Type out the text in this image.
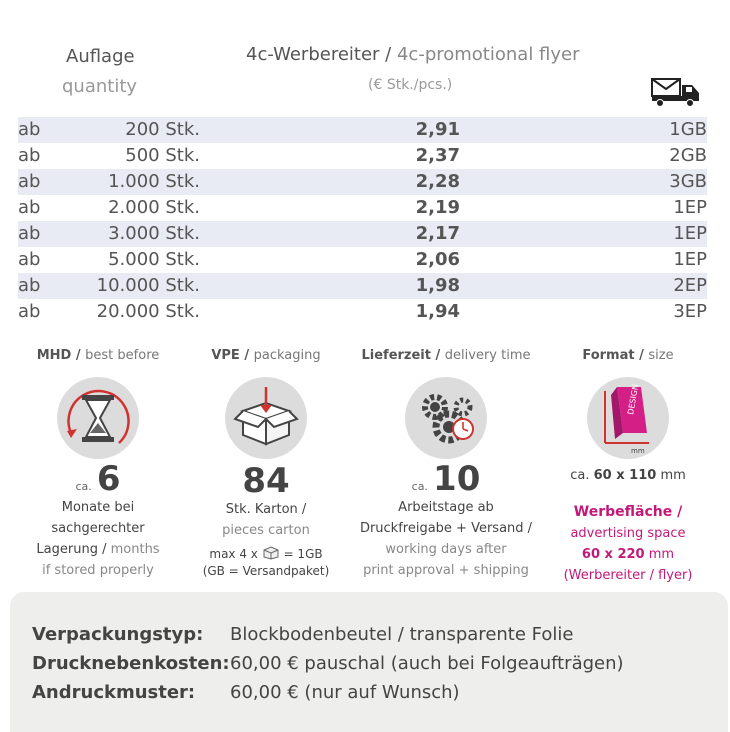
Auflage
quantity
4c-Werbereiter / 4c-promotional flyer
(€ Stk./pcs.)
ab	200 Stk.	2,91	1GB
ab	500 Stk.	2,37	2GB
ab	1.000 Stk.	2,28	3GB
ab	2.000 Stk.	2,19	1EP
ab	3.000 Stk.	2,17	1EP
ab	5.000 Stk.	2,06	1EP
ab	10.000 Stk.	1,98	2EP
ab	20.000 Stk.	1,94	3EP
MHD / best before
ca. 6
Monate bei
sachgerechter
Lagerung / months
if stored properly
VPE / packaging
84
Stk. Karton /
pieces carton
max 4 x = 1GB
(GB = Versandpaket)
Lieferzeit / delivery time
ca. 10
Arbeitstage ab
Druckfreigabe + Versand /
working days after
print approval + shipping
Format / size
DESIGN
mm
ca. 60 x 110 mm
Werbefläche /
advertising space
60 x 220 mm
(Werbereiter / flyer)
Verpackungstyp: Blockbodenbeutel / transparente Folie
Drucknebenkosten:60,00 € pauschal (auch bei Folgeaufträgen)
Andruckmuster: 60,00 € (nur auf Wunsch)
